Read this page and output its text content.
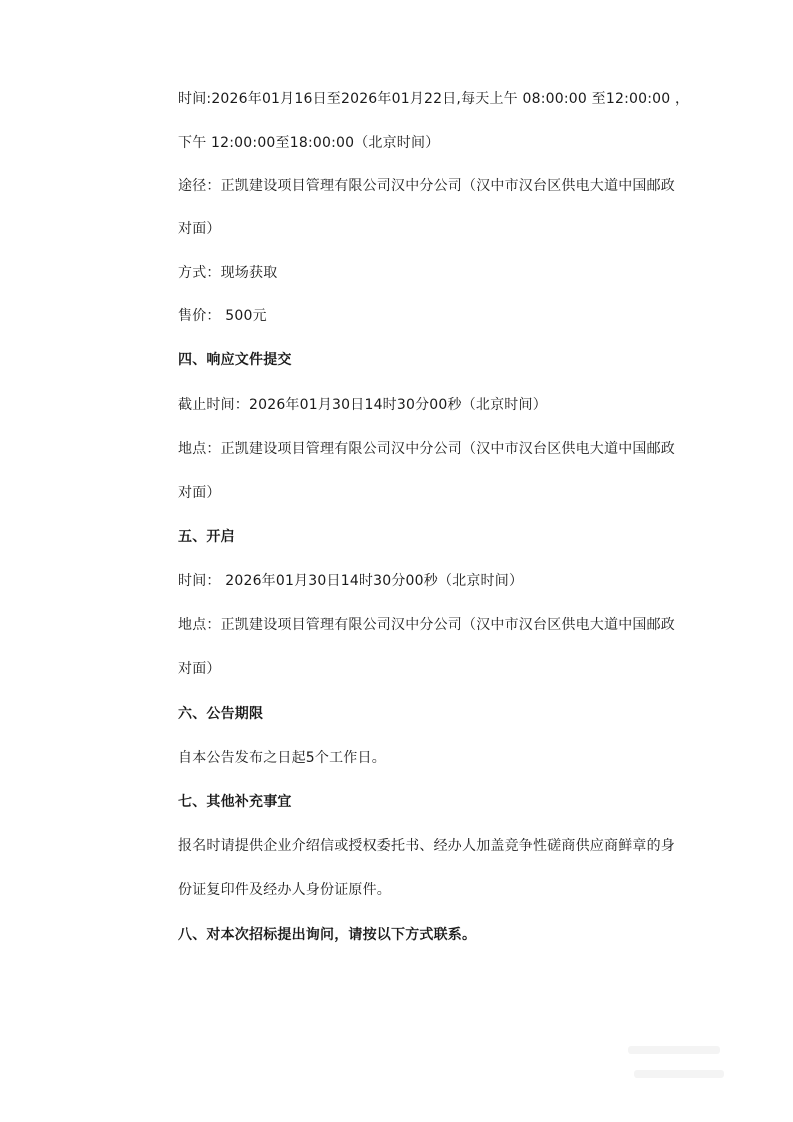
时间:2026年01月16日至2026年01月22日,每天上午 08:00:00 至12:00:00 ，
下午 12:00:00至18:00:00（北京时间）
途径：正凯建设项目管理有限公司汉中分公司（汉中市汉台区供电大道中国邮政
对面）
方式：现场获取
售价： 500元
四、响应文件提交
截止时间：2026年01月30日14时30分00秒（北京时间）
地点：正凯建设项目管理有限公司汉中分公司（汉中市汉台区供电大道中国邮政
对面）
五、开启
时间： 2026年01月30日14时30分00秒（北京时间）
地点：正凯建设项目管理有限公司汉中分公司（汉中市汉台区供电大道中国邮政
对面）
六、公告期限
自本公告发布之日起5个工作日。
七、其他补充事宜
报名时请提供企业介绍信或授权委托书、经办人加盖竞争性磋商供应商鲜章的身
份证复印件及经办人身份证原件。
八、对本次招标提出询问，请按以下方式联系。
